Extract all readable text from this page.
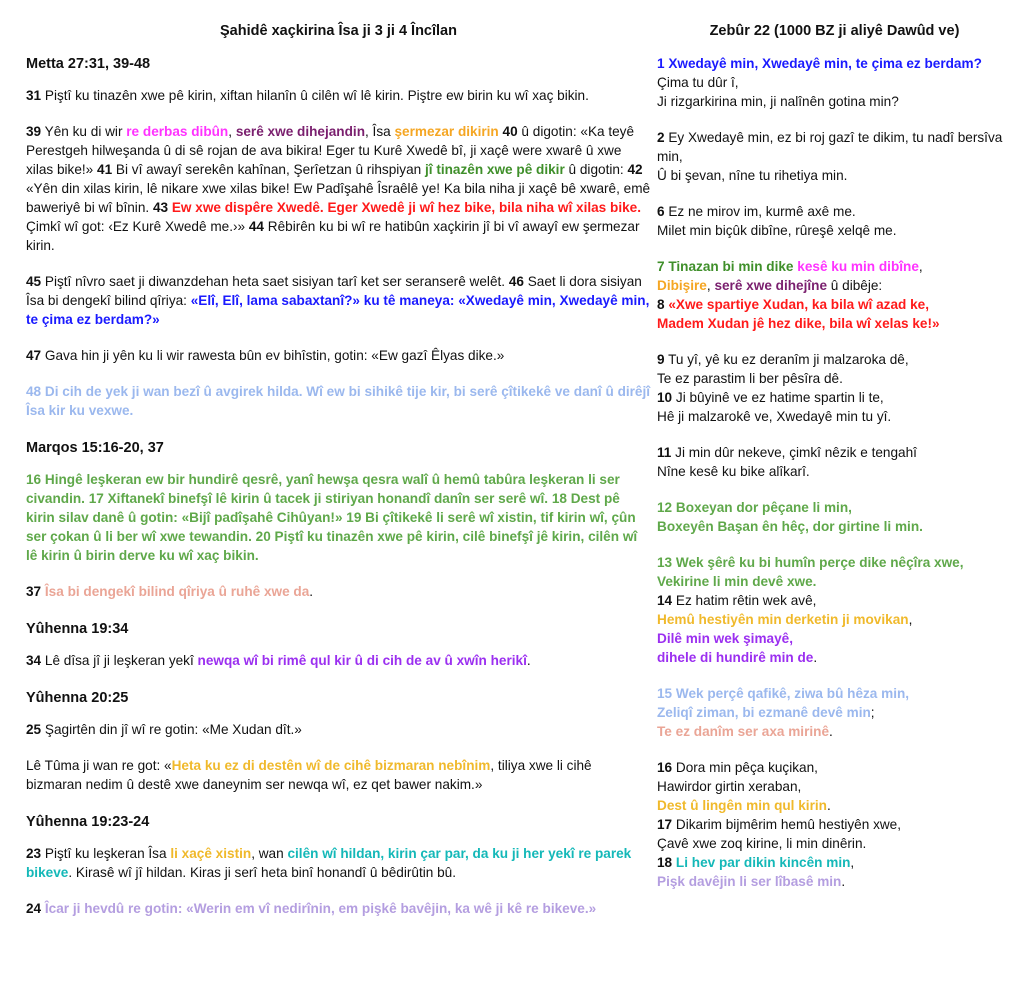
Şahidê xaçkirina Îsa ji 3 ji 4 Încîlan
Metta 27:31, 39-48

31 Piştî ku tinazên xwe pê kirin, xiftan hilanîn û cilên wî lê kirin. Piştre ew birin ku wî xaç bikin.

39 Yên ku di wir re derbas dibûn, serê xwe dihejandin, Îsa şermezar dikirin 40 û digotin: «Ka teyê Perestgeh hilweşanda û di sê rojan de ava bikira! Eger tu Kurê Xwedê bî, ji xaçê were xwarê û xwe xilas bike!» 41 Bi vî awayî serekên kahînan, Şerîetzan û rihspiyan jî tinazên xwe pê dikir û digotin: 42 «Yên din xilas kirin, lê nikare xwe xilas bike! Ew Padîşahê Îsraêlê ye! Ka bila niha ji xaçê bê xwarê, emê baweriyê bi wî bînin. 43 Ew xwe dispêre Xwedê. Eger Xwedê ji wî hez bike, bila niha wî xilas bike. Çimkî wî got: ‹Ez Kurê Xwedê me.›» 44 Rêbirên ku bi wî re hatibûn xaçkirin jî bi vî awayî ew şermezar kirin.

45 Piştî nîvro saet ji diwanzdehan heta saet sisiyan tarî ket ser seranserê welêt. 46 Saet li dora sisiyan Îsa bi dengekî bilind qîriya: «Elî, Elî, lama sabaxtanî?» ku tê maneya: «Xwedayê min, Xwedayê min, te çima ez berdam?»

47 Gava hin ji yên ku li wir rawesta bûn ev bihîstin, gotin: «Ew gazî Êlyas dike.»

48 Di cih de yek ji wan bezî û avgirek hilda. Wî ew bi sihikê tije kir, bi serê çîtikekê ve danî û dirêjî Îsa kir ku vexwe.

Marqos 15:16-20, 37

16 Hingê leşkeran ew bir hundirê qesrê, yanî hewşa qesra walî û hemû tabûra leşkeran li ser civandin. 17 Xiftanekî binefşî lê kirin û tacek ji stiriyan honandî danîn ser serê wî. 18 Dest pê kirin silav danê û gotin: «Bijî padîşahê Cihûyan!» 19 Bi çîtikekê li serê wî xistin, tif kirin wî, çûn ser çokan û li ber wî xwe tewandin. 20 Piştî ku tinazên xwe pê kirin, cilê binefşî jê kirin, cilên wî lê kirin û birin derve ku wî xaç bikin.

37 Îsa bi dengekî bilind qîriya û ruhê xwe da.

Yûhenna 19:34

34 Lê dîsa jî ji leşkeran yekî newqa wî bi rimê qul kir û di cih de av û xwîn herikî.

Yûhenna 20:25

25 Şagirtên din jî wî re gotin: «Me Xudan dît.»

Lê Tûma ji wan re got: «Heta ku ez di destên wî de cihê bizmaran nebînim, tiliya xwe li cihê bizmaran nedim û destê xwe daneynim ser newqa wî, ez qet bawer nakim.»

Yûhenna 19:23-24

23 Piştî ku leşkeran Îsa li xaçê xistin, wan cilên wî hildan, kirin çar par, da ku ji her yekî re parek bikeve. Kirasê wî jî hildan. Kiras ji serî heta binî honandî û bêdirûtin bû.

24 Îcar ji hevdû re gotin: «Werin em vî nedirînin, em pişkê bavêjin, ka wê ji kê re bikeve.»

Zebûr 22 (1000 BZ ji aliyê Dawûd ve)

1 Xwedayê min, Xwedayê min, te çima ez berdam?
Çima tu dûr î,
Ji rizgarkirina min, ji nalînên gotina min?

2 Ey Xwedayê min, ez bi roj gazî te dikim, tu nadî bersîva min,
Û bi şevan, nîne tu rihetiya min.

6 Ez ne mirov im, kurmê axê me.
Milet min biçûk dibîne, rûreşê xelqê me.

7 Tinazan bi min dike kesê ku min dibîne,
Dibişire, serê xwe dihejîne û dibêje:
8 «Xwe spartiye Xudan, ka bila wî azad ke,
Madem Xudan jê hez dike, bila wî xelas ke!»

9 Tu yî, yê ku ez deranîm ji malzaroka dê,
Te ez parastim li ber pêsîra dê.
10 Ji bûyinê ve ez hatime spartin li te,
Hê ji malzarokê ve, Xwedayê min tu yî.

11 Ji min dûr nekeve, çimkî nêzik e tengahî
Nîne kesê ku bike alîkarî.

12 Boxeyan dor pêçane li min,
Boxeyên Başan ên hêç, dor girtine li min.

13 Wek şêrê ku bi humîn perçe dike nêçîra xwe,
Vekirine li min devê xwe.
14 Ez hatim rêtin wek avê,
Hemû hestiyên min derketin ji movikan,
Dilê min wek şimayê,
dihele di hundirê min de.

15 Wek perçê qafikê, ziwa bû hêza min,
Zeliqî ziman, bi ezmanê devê min;
Te ez danîm ser axa mirinê.

16 Dora min pêça kuçikan,
Hawirdor girtin xeraban,
Dest û lingên min qul kirin.
17 Dikarim bijmêrim hemû hestiyên xwe,
Çavê xwe zoq kirine, li min dinêrin.
18 Li hev par dikin kincên min,
Pişk davêjin li ser lîbasê min.
